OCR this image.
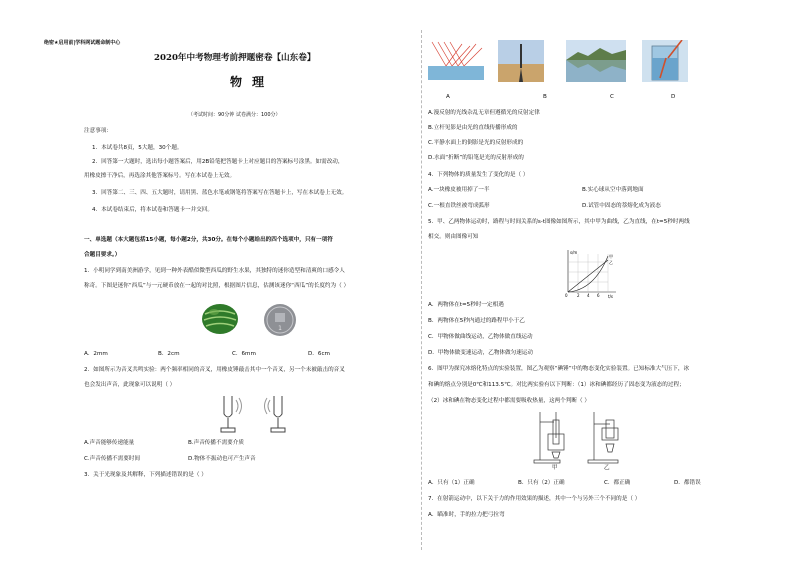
绝密★启用前|学科网试题命制中心
2020年中考物理考前押题密卷【山东卷】
物理
（考试时间：90分钟 试卷满分：100分）
注意事项：
1．本试卷共8页，5大题，30个题。
2．回答第一大题时，选出每小题答案后，用2B铅笔把答题卡上对应题目的答案标号涂黑。如需改动，
用橡皮擦干净后，再选涂其他答案标号。写在本试卷上无效。
3．回答第二、三、四、五大题时，请用黑、蓝色水笔或钢笔将答案写在答题卡上，写在本试卷上无效。
4．本试卷结束后，将本试卷和答题卡一并交回。
一、单选题（本大题包括15小题，每小题2分，共30分。在每个小题给出的四个选项中，只有一项符
合题目要求。）
1．小明同学到南美洲游学，见到一种外表酷似微型西瓜的野生水果，其独特的迷你造型和清爽的口感令人
称奇。下图是迷你“西瓜”与一元硬币放在一起的对比照，根据图片信息，估测该迷你“西瓜”的长度约为（ ）
1
A．2mm	B．2cm	C．6mm	D．6cm
2．如图所示为音叉共鸣实验：两个频率相同的音叉，用橡皮锤敲击其中一个音叉，另一个未被敲击的音叉
也会发出声音，此现象可以说明（ ）
A.声音能够传递能量	B.声音传播不需要介质
C.声音传播不需要时间	D.物体不振动也可产生声音
3．关于光现象及其解释，下列描述错误的是（ ）
A	B	C	D
A.漫反射的光线杂乱无章但遵循光的反射定律
B.立杆见影是由光的直线传播形成的
C.平静水面上的倒影是光的反射形成的
D.水面“折断”的铅笔是光的反射形成的
4．下列物体的质量发生了变化的是（ ）
A.一块橡皮被用掉了一半	B.实心球从空中落到地面
C.一根直铁丝被弯成弧形	D.试管中固态的萘熔化成为液态
5．甲、乙两物体运动时，路程与时间关系的s-t图像如图所示，其中甲为曲线，乙为直线，在t=5秒时两线
相交。则由图像可知
s/m
t/s
甲
乙
0 2 4 6
A．两物体在t=5秒时一定相遇
B．两物体在5秒内通过的路程甲小于乙
C．甲物体做曲线运动，乙物体做直线运动
D．甲物体做变速运动，乙物体做匀速运动
6．图甲为探究冰熔化特点的实验装置，图乙为观察“碘锤”中的物态变化实验装置。已知标准大气压下，冰
和碘的熔点分别是0℃和113.5℃。对比两实验有以下判断：（1）冰和碘都经历了固态变为液态的过程；
（2）冰和碘在物态变化过程中都需要吸收热量，这两个判断（ ）
甲	乙
A．只有（1）正确	B．只有（2）正确	C．都正确	D．都错误
7．在射箭运动中，以下关于力的作用效果的描述，其中一个与另外三个不同的是（ ）
A．瞄准时，手的拉力把弓拉弯
